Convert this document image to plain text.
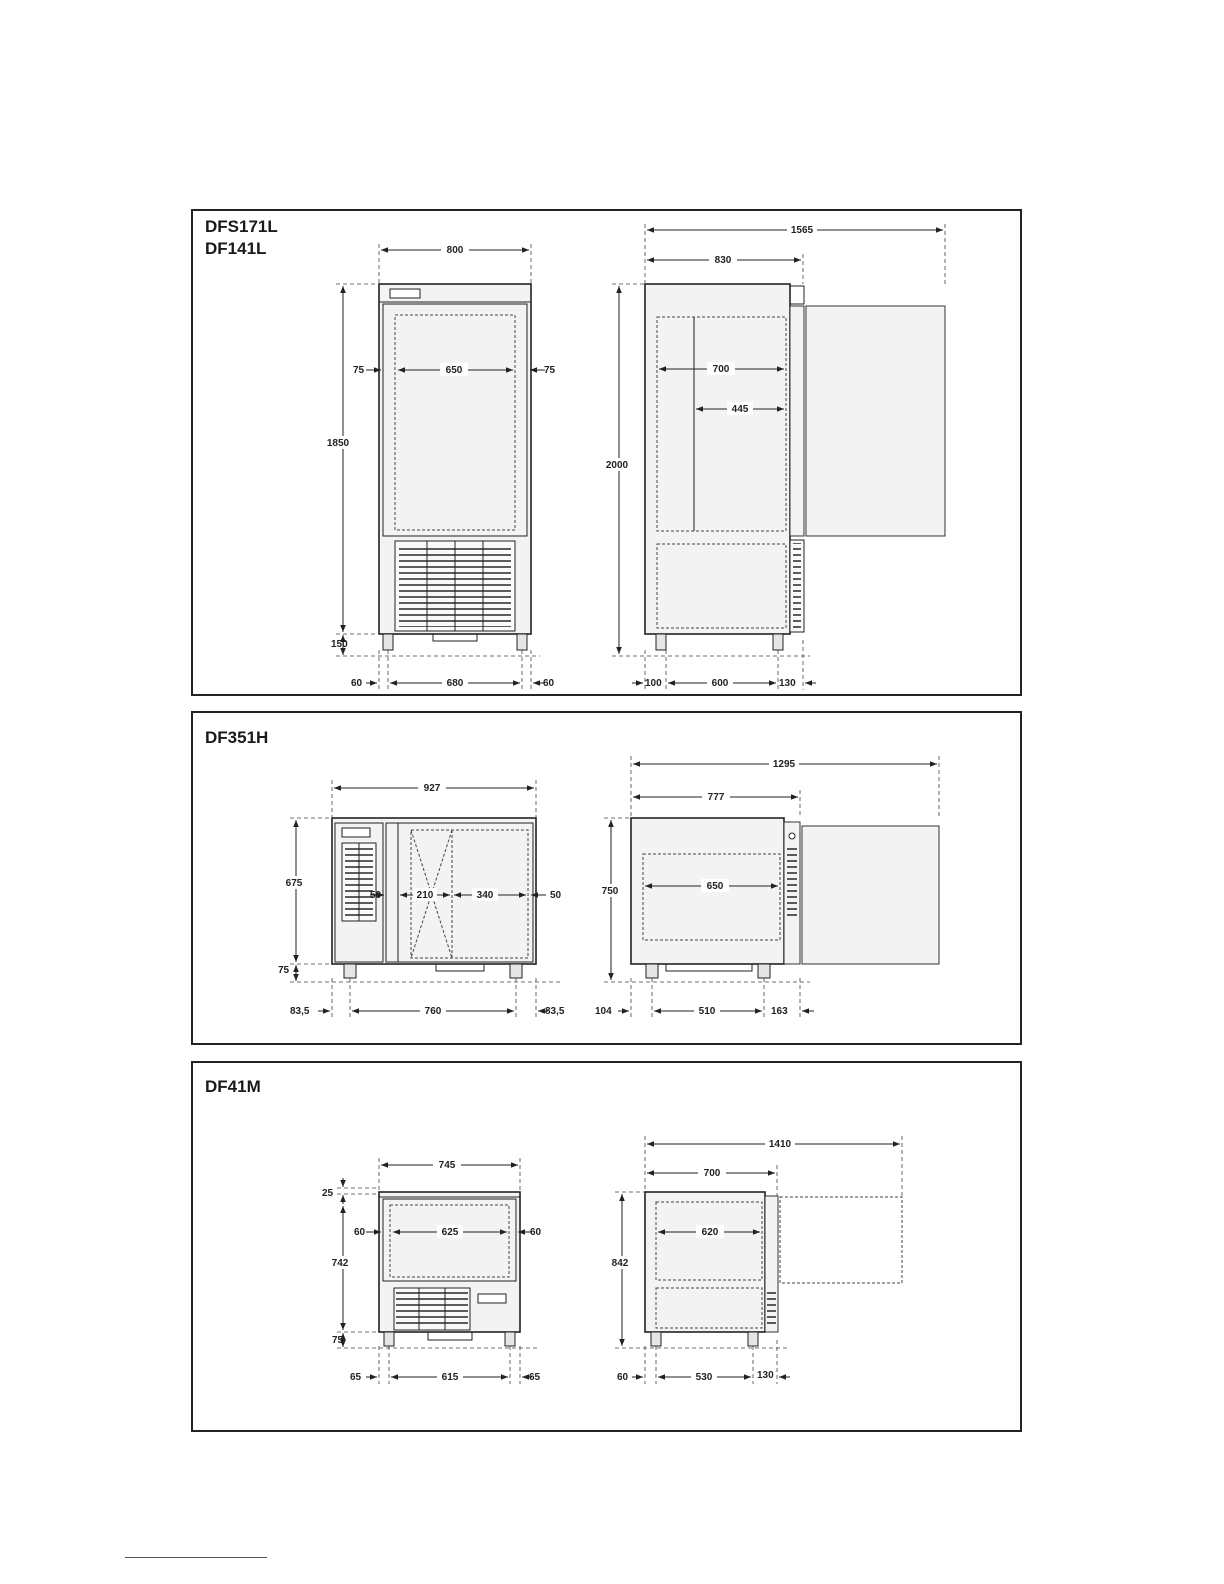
DFS171L
DF141L	800
650
75	75
1850
150
60	680	60
1565
830
700
445
2000
100	600	130
DF351H
927
50	210	340	50
675
75
83,5	760	83,5
1295
777
650
750
104	510	163
DF41M
745
25
60	625	60
742
75
65	615	65
1410
700
620
842
60	530	130
